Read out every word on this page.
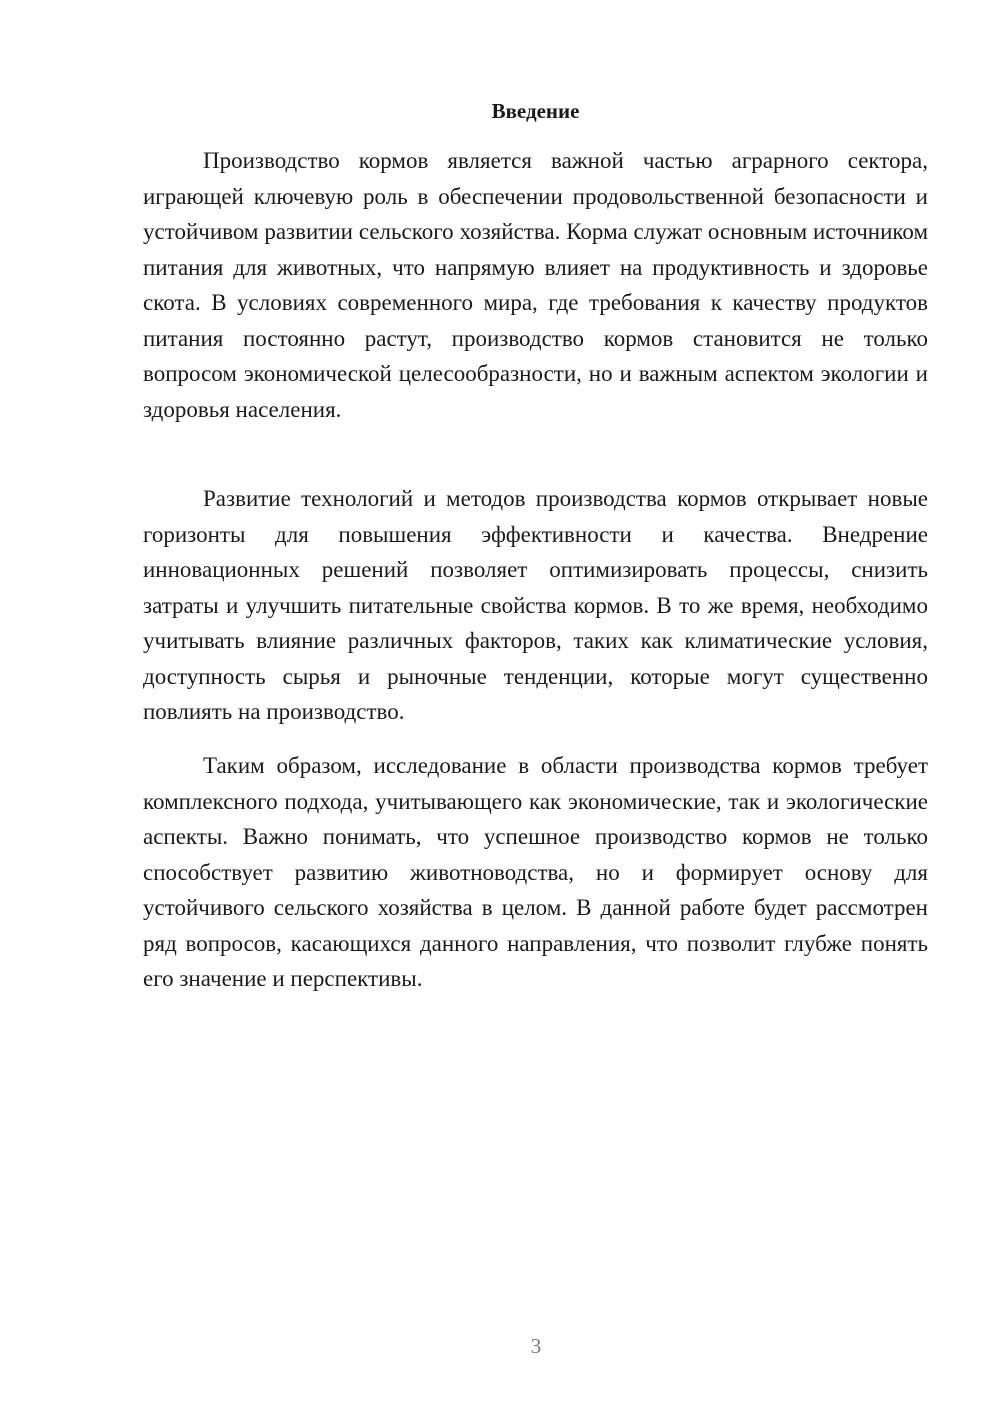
Введение

Производство кормов является важной частью аграрного сектора, играющей ключевую роль в обеспечении продовольственной безопасности и устойчивом развитии сельского хозяйства. Корма служат основным источником питания для животных, что напрямую влияет на продуктивность и здоровье скота. В условиях современного мира, где требования к качеству продуктов питания постоянно растут, производство кормов становится не только вопросом экономической целесообразности, но и важным аспектом экологии и здоровья населения.

Развитие технологий и методов производства кормов открывает новые горизонты для повышения эффективности и качества. Внедрение инновационных решений позволяет оптимизировать процессы, снизить затраты и улучшить питательные свойства кормов. В то же время, необходимо учитывать влияние различных факторов, таких как климатические условия, доступность сырья и рыночные тенденции, которые могут существенно повлиять на производство.

Таким образом, исследование в области производства кормов требует комплексного подхода, учитывающего как экономические, так и экологические аспекты. Важно понимать, что успешное производство кормов не только способствует развитию животноводства, но и формирует основу для устойчивого сельского хозяйства в целом. В данной работе будет рассмотрен ряд вопросов, касающихся данного направления, что позволит глубже понять его значение и перспективы.

3
